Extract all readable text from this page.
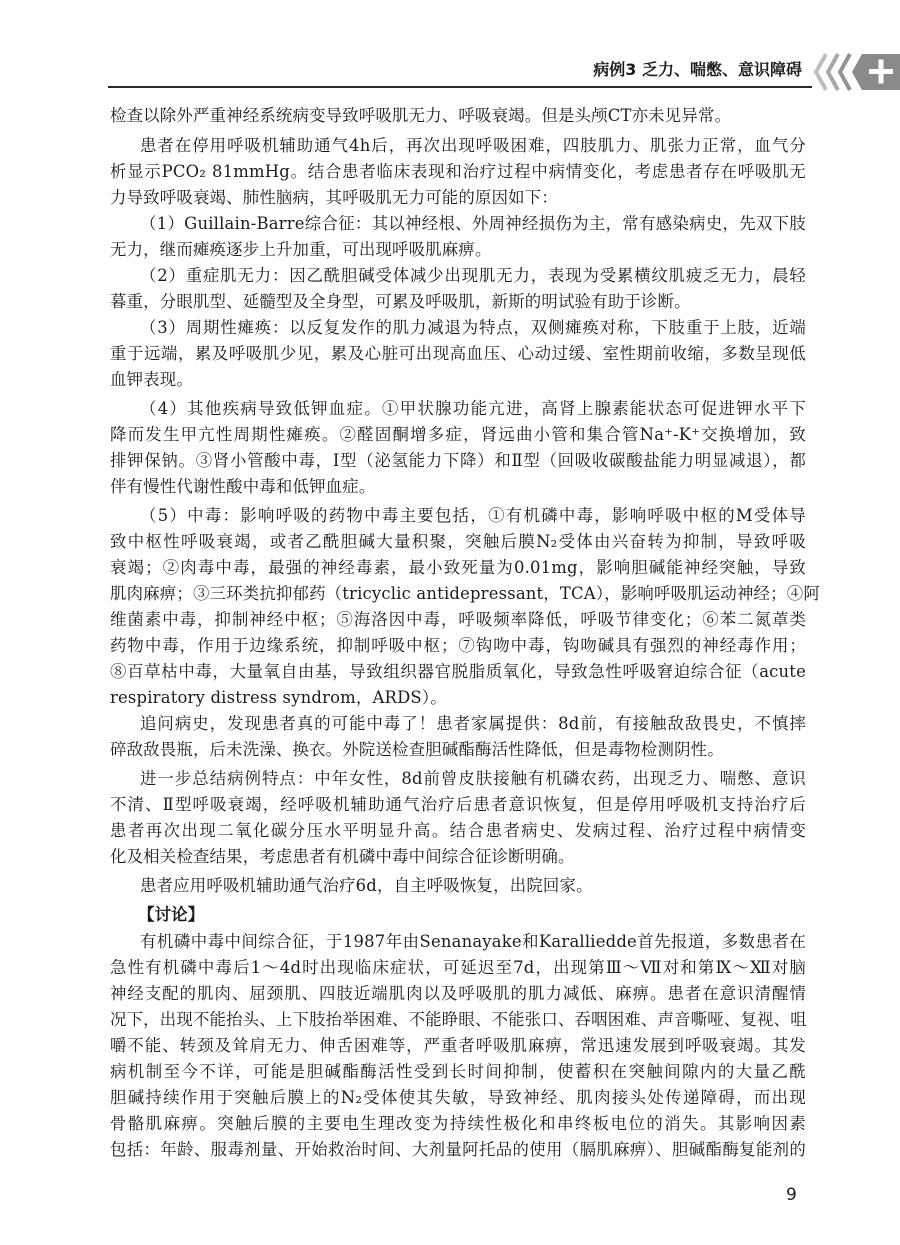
病例3 乏力、喘憋、意识障碍
检查以除外严重神经系统病变导致呼吸肌无力、呼吸衰竭。但是头颅CT亦未见异常。
患者在停用呼吸机辅助通气4h后，再次出现呼吸困难，四肢肌力、肌张力正常，血气分
析显示PCO₂ 81mmHg。结合患者临床表现和治疗过程中病情变化，考虑患者存在呼吸肌无
力导致呼吸衰竭、肺性脑病，其呼吸肌无力可能的原因如下：
（1）Guillain-Barre综合征：其以神经根、外周神经损伤为主，常有感染病史，先双下肢
无力，继而瘫痪逐步上升加重，可出现呼吸肌麻痹。
（2）重症肌无力：因乙酰胆碱受体减少出现肌无力，表现为受累横纹肌疲乏无力，晨轻
暮重，分眼肌型、延髓型及全身型，可累及呼吸肌，新斯的明试验有助于诊断。
（3）周期性瘫痪：以反复发作的肌力减退为特点，双侧瘫痪对称，下肢重于上肢，近端
重于远端，累及呼吸肌少见，累及心脏可出现高血压、心动过缓、室性期前收缩，多数呈现低
血钾表现。
（4）其他疾病导致低钾血症。①甲状腺功能亢进，高肾上腺素能状态可促进钾水平下
降而发生甲亢性周期性瘫痪。②醛固酮增多症，肾远曲小管和集合管Na⁺-K⁺交换增加，致
排钾保钠。③肾小管酸中毒，Ⅰ型（泌氢能力下降）和Ⅱ型（回吸收碳酸盐能力明显减退），都
伴有慢性代谢性酸中毒和低钾血症。
（5）中毒：影响呼吸的药物中毒主要包括，①有机磷中毒，影响呼吸中枢的M受体导
致中枢性呼吸衰竭，或者乙酰胆碱大量积聚，突触后膜N₂受体由兴奋转为抑制，导致呼吸
衰竭；②肉毒中毒，最强的神经毒素，最小致死量为0.01mg，影响胆碱能神经突触，导致
肌肉麻痹；③三环类抗抑郁药（tricyclic antidepressant，TCA），影响呼吸肌运动神经；④阿
维菌素中毒，抑制神经中枢；⑤海洛因中毒，呼吸频率降低，呼吸节律变化；⑥苯二氮䓬类
药物中毒，作用于边缘系统，抑制呼吸中枢；⑦钩吻中毒，钩吻碱具有强烈的神经毒作用；
⑧百草枯中毒，大量氧自由基，导致组织器官脱脂质氧化，导致急性呼吸窘迫综合征（acute
respiratory distress syndrom，ARDS）。
追问病史，发现患者真的可能中毒了！患者家属提供：8d前，有接触敌敌畏史，不慎摔
碎敌敌畏瓶，后未洗澡、换衣。外院送检查胆碱酯酶活性降低，但是毒物检测阴性。
进一步总结病例特点：中年女性，8d前曾皮肤接触有机磷农药，出现乏力、喘憋、意识
不清、Ⅱ型呼吸衰竭，经呼吸机辅助通气治疗后患者意识恢复，但是停用呼吸机支持治疗后
患者再次出现二氧化碳分压水平明显升高。结合患者病史、发病过程、治疗过程中病情变
化及相关检查结果，考虑患者有机磷中毒中间综合征诊断明确。
患者应用呼吸机辅助通气治疗6d，自主呼吸恢复，出院回家。
【讨论】
有机磷中毒中间综合征，于1987年由Senanayake和Karalliedde首先报道，多数患者在
急性有机磷中毒后1～4d时出现临床症状，可延迟至7d，出现第Ⅲ～Ⅶ对和第Ⅸ～Ⅻ对脑
神经支配的肌肉、屈颈肌、四肢近端肌肉以及呼吸肌的肌力减低、麻痹。患者在意识清醒情
况下，出现不能抬头、上下肢抬举困难、不能睁眼、不能张口、吞咽困难、声音嘶哑、复视、咀
嚼不能、转颈及耸肩无力、伸舌困难等，严重者呼吸肌麻痹，常迅速发展到呼吸衰竭。其发
病机制至今不详，可能是胆碱酯酶活性受到长时间抑制，使蓄积在突触间隙内的大量乙酰
胆碱持续作用于突触后膜上的N₂受体使其失敏，导致神经、肌肉接头处传递障碍，而出现
骨骼肌麻痹。突触后膜的主要电生理改变为持续性极化和串终板电位的消失。其影响因素
包括：年龄、服毒剂量、开始救治时间、大剂量阿托品的使用（膈肌麻痹）、胆碱酯酶复能剂的
9
